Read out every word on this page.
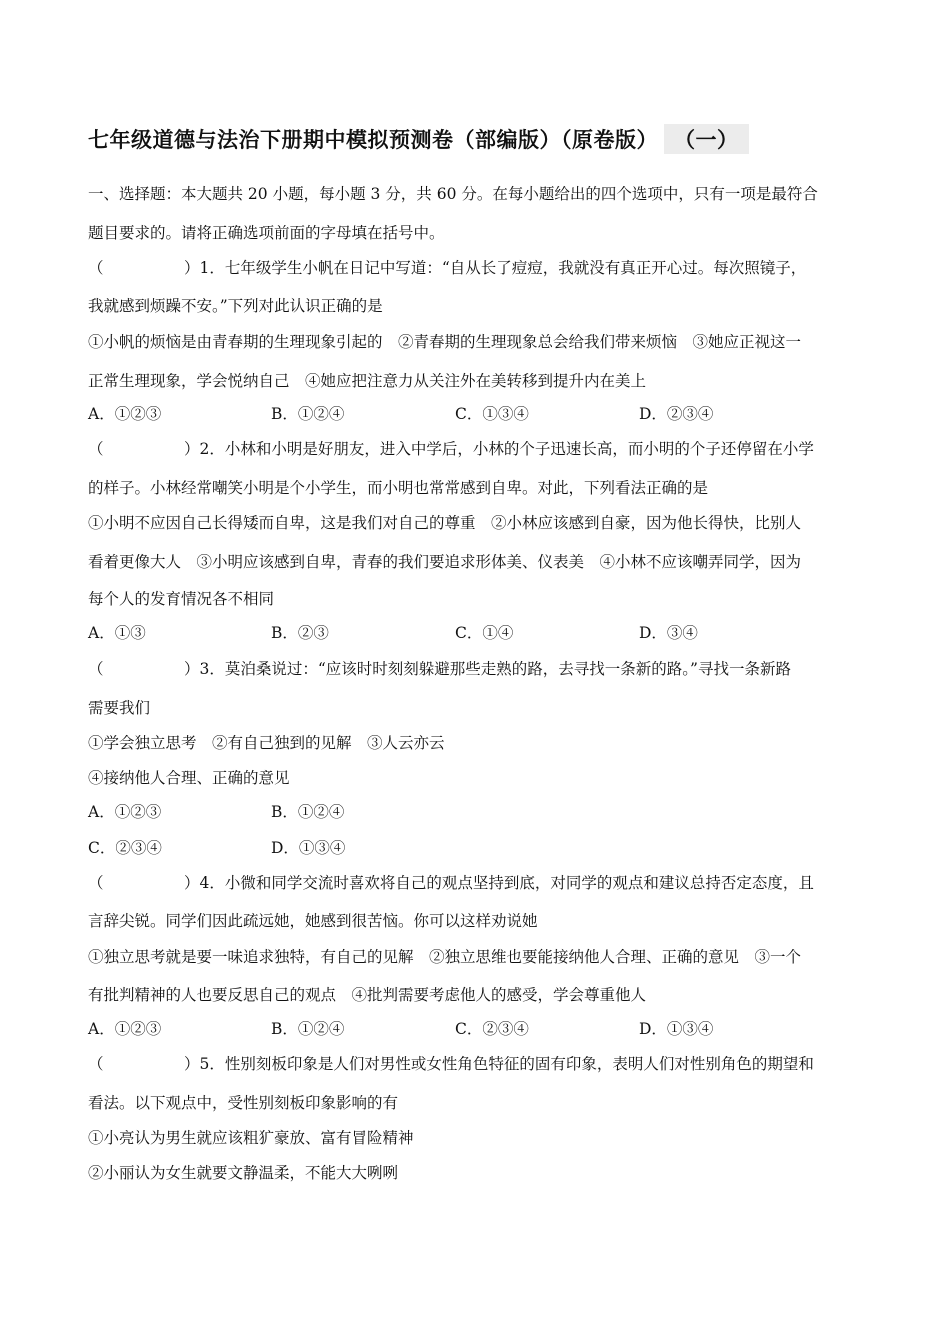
七年级道德与法治下册期中模拟预测卷（部编版）（原卷版） （一）
一、选择题：本大题共 20 小题，每小题 3 分，共 60 分。在每小题给出的四个选项中，只有一项是最符合
题目要求的。请将正确选项前面的字母填在括号中。
（	）1．七年级学生小帆在日记中写道：“自从长了痘痘，我就没有真正开心过。每次照镜子，
我就感到烦躁不安。”下列对此认识正确的是
①小帆的烦恼是由青春期的生理现象引起的　②青春期的生理现象总会给我们带来烦恼　③她应正视这一
正常生理现象，学会悦纳自己　④她应把注意力从关注外在美转移到提升内在美上
A．①②③	B．①②④	C．①③④	D．②③④
（	）2．小林和小明是好朋友，进入中学后，小林的个子迅速长高，而小明的个子还停留在小学
的样子。小林经常嘲笑小明是个小学生，而小明也常常感到自卑。对此，下列看法正确的是
①小明不应因自己长得矮而自卑，这是我们对自己的尊重　②小林应该感到自豪，因为他长得快，比别人
看着更像大人　③小明应该感到自卑，青春的我们要追求形体美、仪表美　④小林不应该嘲弄同学，因为
每个人的发育情况各不相同
A．①③	B．②③	C．①④	D．③④
（	）3．莫泊桑说过：“应该时时刻刻躲避那些走熟的路，去寻找一条新的路。”寻找一条新路
需要我们
①学会独立思考　②有自己独到的见解　③人云亦云
④接纳他人合理、正确的意见
A．①②③	B．①②④
C．②③④	D．①③④
（	）4．小微和同学交流时喜欢将自己的观点坚持到底，对同学的观点和建议总持否定态度，且
言辞尖锐。同学们因此疏远她，她感到很苦恼。你可以这样劝说她
①独立思考就是要一味追求独特，有自己的见解　②独立思维也要能接纳他人合理、正确的意见　③一个
有批判精神的人也要反思自己的观点　④批判需要考虑他人的感受，学会尊重他人
A．①②③	B．①②④	C．②③④	D．①③④
（	）5．性别刻板印象是人们对男性或女性角色特征的固有印象，表明人们对性别角色的期望和
看法。以下观点中，受性别刻板印象影响的有
①小亮认为男生就应该粗犷豪放、富有冒险精神
②小丽认为女生就要文静温柔，不能大大咧咧
